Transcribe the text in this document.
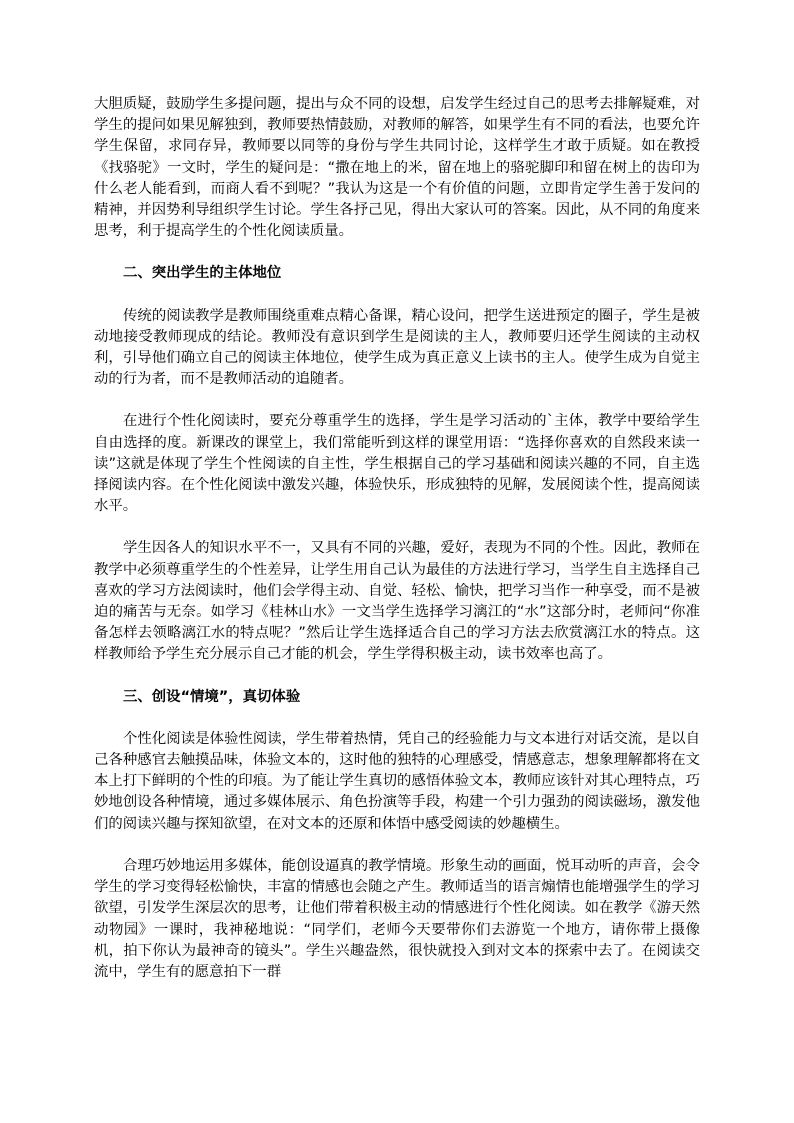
大胆质疑，鼓励学生多提问题，提出与众不同的设想，启发学生经过自己的思考去排解疑难，对学生的提问如果见解独到，教师要热情鼓励，对教师的解答，如果学生有不同的看法，也要允许学生保留，求同存异，教师要以同等的身份与学生共同讨论，这样学生才敢于质疑。如在教授《找骆驼》一文时，学生的疑问是：“撒在地上的米，留在地上的骆驼脚印和留在树上的齿印为什么老人能看到，而商人看不到呢？”我认为这是一个有价值的问题，立即肯定学生善于发问的精神，并因势利导组织学生讨论。学生各抒己见，得出大家认可的答案。因此，从不同的角度来思考，利于提高学生的个性化阅读质量。

二、突出学生的主体地位

传统的阅读教学是教师围绕重难点精心备课，精心设问，把学生送进预定的圈子，学生是被动地接受教师现成的结论。教师没有意识到学生是阅读的主人，教师要归还学生阅读的主动权利，引导他们确立自己的阅读主体地位，使学生成为真正意义上读书的主人。使学生成为自觉主动的行为者，而不是教师活动的追随者。

在进行个性化阅读时，要充分尊重学生的选择，学生是学习活动的`主体，教学中要给学生自由选择的度。新课改的课堂上，我们常能听到这样的课堂用语：“选择你喜欢的自然段来读一读”这就是体现了学生个性阅读的自主性，学生根据自己的学习基础和阅读兴趣的不同，自主选择阅读内容。在个性化阅读中激发兴趣，体验快乐，形成独特的见解，发展阅读个性，提高阅读水平。

学生因各人的知识水平不一，又具有不同的兴趣，爱好，表现为不同的个性。因此，教师在教学中必须尊重学生的个性差异，让学生用自己认为最佳的方法进行学习，当学生自主选择自己喜欢的学习方法阅读时，他们会学得主动、自觉、轻松、愉快，把学习当作一种享受，而不是被迫的痛苦与无奈。如学习《桂林山水》一文当学生选择学习漓江的“水”这部分时，老师问“你准备怎样去领略漓江水的特点呢？”然后让学生选择适合自己的学习方法去欣赏漓江水的特点。这样教师给予学生充分展示自己才能的机会，学生学得积极主动，读书效率也高了。

三、创设“情境”，真切体验

个性化阅读是体验性阅读，学生带着热情，凭自己的经验能力与文本进行对话交流，是以自己各种感官去触摸品味，体验文本的，这时他的独特的心理感受，情感意志，想象理解都将在文本上打下鲜明的个性的印痕。为了能让学生真切的感悟体验文本，教师应该针对其心理特点，巧妙地创设各种情境，通过多媒体展示、角色扮演等手段，构建一个引力强劲的阅读磁场，激发他们的阅读兴趣与探知欲望，在对文本的还原和体悟中感受阅读的妙趣横生。

合理巧妙地运用多媒体，能创设逼真的教学情境。形象生动的画面，悦耳动听的声音，会令学生的学习变得轻松愉快，丰富的情感也会随之产生。教师适当的语言煽情也能增强学生的学习欲望，引发学生深层次的思考，让他们带着积极主动的情感进行个性化阅读。如在教学《游天然动物园》一课时，我神秘地说：“同学们，老师今天要带你们去游览一个地方，请你带上摄像机，拍下你认为最神奇的镜头”。学生兴趣盎然，很快就投入到对文本的探索中去了。在阅读交流中，学生有的愿意拍下一群
